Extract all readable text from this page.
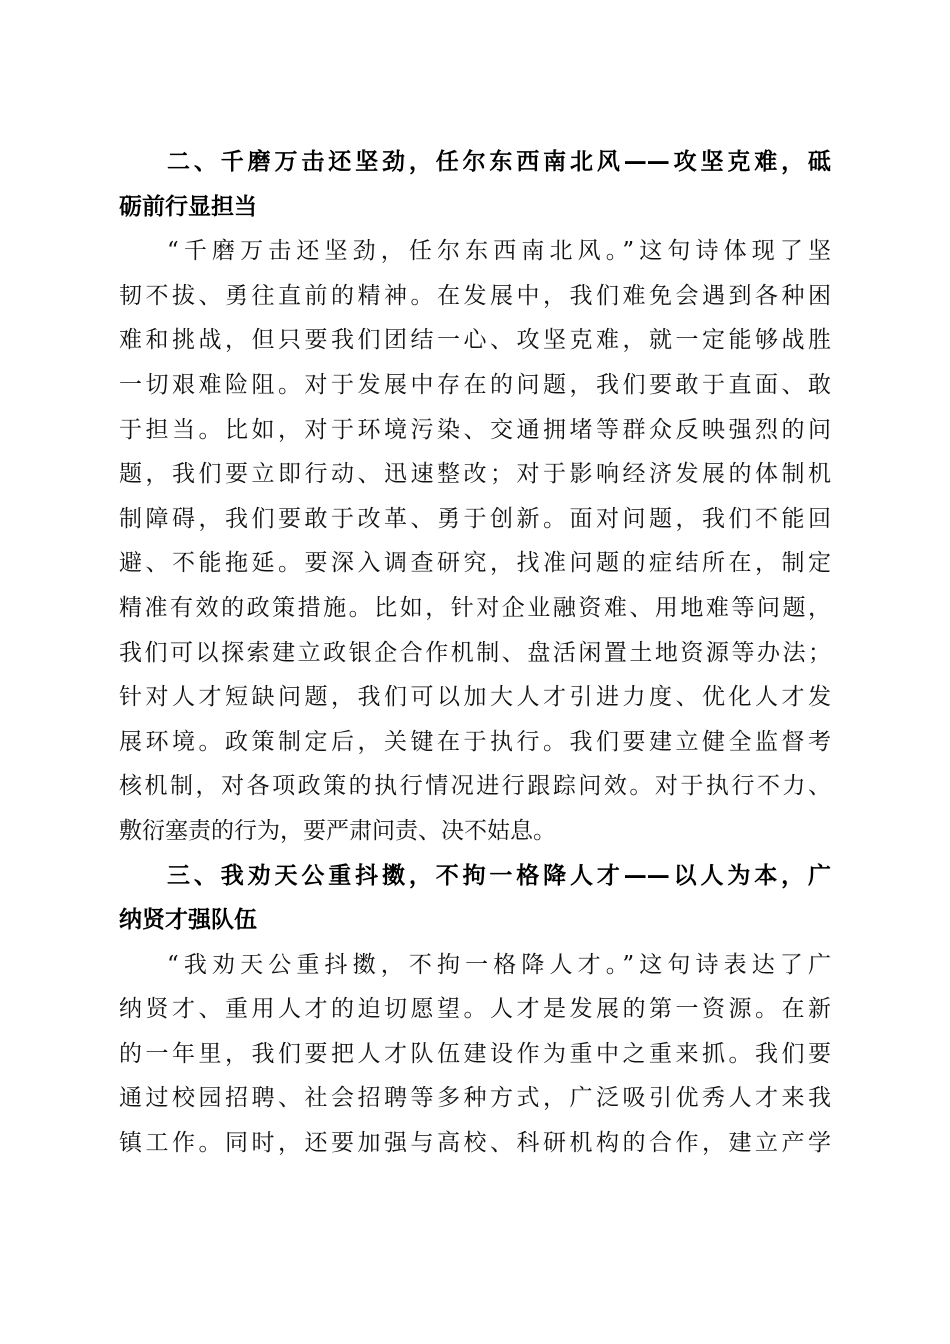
二、千磨万击还坚劲，任尔东西南北风——攻坚克难，砥
砺前行显担当
“千磨万击还坚劲，任尔东西南北风。”这句诗体现了坚
韧不拔、勇往直前的精神。在发展中，我们难免会遇到各种困
难和挑战，但只要我们团结一心、攻坚克难，就一定能够战胜
一切艰难险阻。对于发展中存在的问题，我们要敢于直面、敢
于担当。比如，对于环境污染、交通拥堵等群众反映强烈的问
题，我们要立即行动、迅速整改；对于影响经济发展的体制机
制障碍，我们要敢于改革、勇于创新。面对问题，我们不能回
避、不能拖延。要深入调查研究，找准问题的症结所在，制定
精准有效的政策措施。比如，针对企业融资难、用地难等问题，
我们可以探索建立政银企合作机制、盘活闲置土地资源等办法；
针对人才短缺问题，我们可以加大人才引进力度、优化人才发
展环境。政策制定后，关键在于执行。我们要建立健全监督考
核机制，对各项政策的执行情况进行跟踪问效。对于执行不力、
敷衍塞责的行为，要严肃问责、决不姑息。
三、我劝天公重抖擞，不拘一格降人才——以人为本，广
纳贤才强队伍
“我劝天公重抖擞，不拘一格降人才。”这句诗表达了广
纳贤才、重用人才的迫切愿望。人才是发展的第一资源。在新
的一年里，我们要把人才队伍建设作为重中之重来抓。我们要
通过校园招聘、社会招聘等多种方式，广泛吸引优秀人才来我
镇工作。同时，还要加强与高校、科研机构的合作，建立产学
